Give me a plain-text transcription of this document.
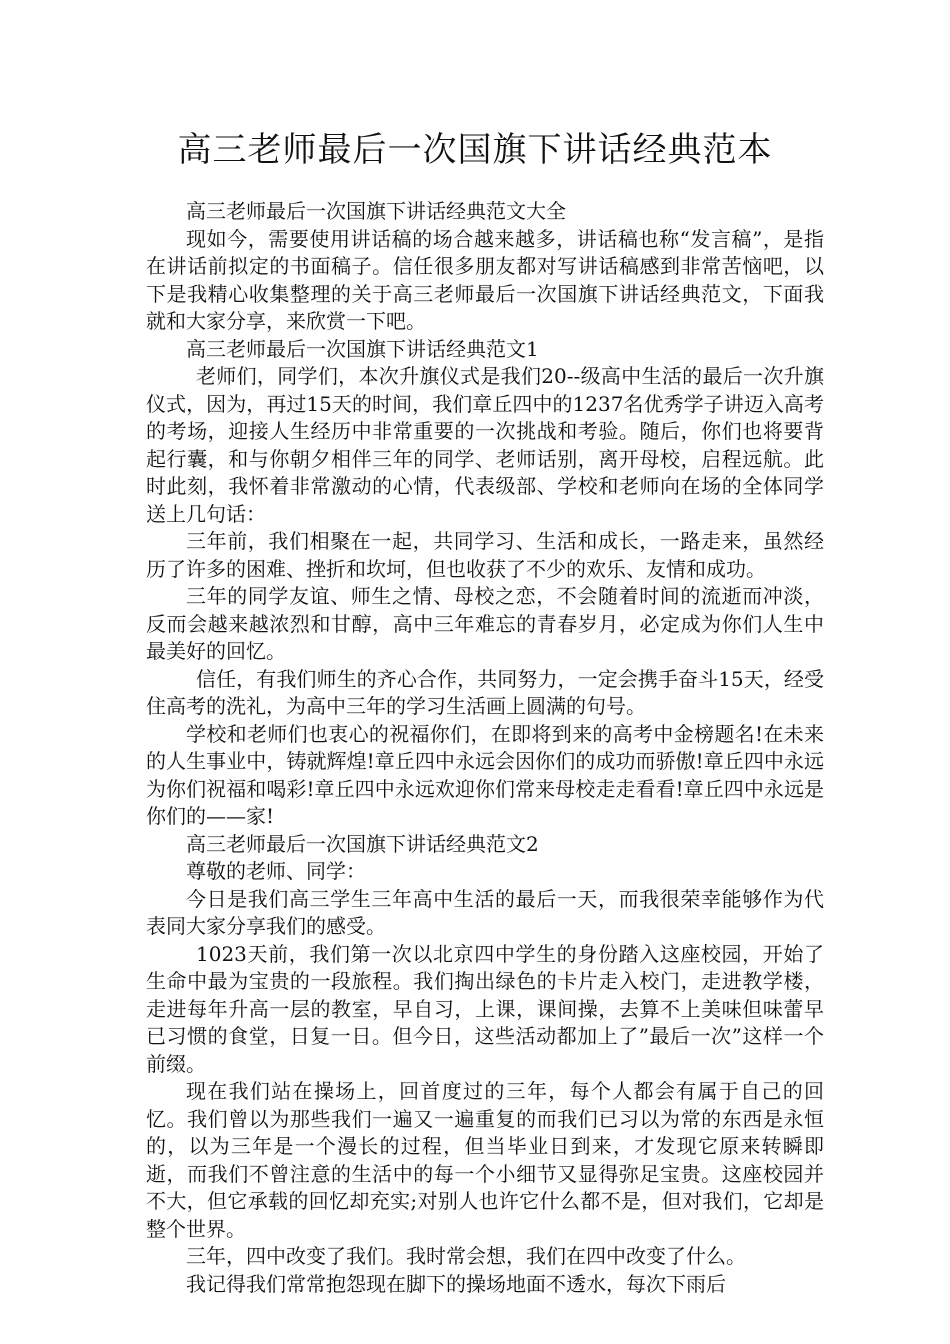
高三老师最后一次国旗下讲话经典范本

高三老师最后一次国旗下讲话经典范文大全

现如今，需要使用讲话稿的场合越来越多，讲话稿也称“发言稿”，是指在讲话前拟定的书面稿子。信任很多朋友都对写讲话稿感到非常苦恼吧，以下是我精心收集整理的关于高三老师最后一次国旗下讲话经典范文，下面我就和大家分享，来欣赏一下吧。

高三老师最后一次国旗下讲话经典范文1

老师们，同学们，本次升旗仪式是我们20--级高中生活的最后一次升旗仪式，因为，再过15天的时间，我们章丘四中的1237名优秀学子讲迈入高考的考场，迎接人生经历中非常重要的一次挑战和考验。随后，你们也将要背起行囊，和与你朝夕相伴三年的同学、老师话别，离开母校，启程远航。此时此刻，我怀着非常激动的心情，代表级部、学校和老师向在场的全体同学送上几句话：

三年前，我们相聚在一起，共同学习、生活和成长，一路走来，虽然经历了许多的困难、挫折和坎坷，但也收获了不少的欢乐、友情和成功。

三年的同学友谊、师生之情、母校之恋，不会随着时间的流逝而冲淡，反而会越来越浓烈和甘醇，高中三年难忘的青春岁月，必定成为你们人生中最美好的回忆。

信任，有我们师生的齐心合作，共同努力，一定会携手奋斗15天，经受住高考的洗礼，为高中三年的学习生活画上圆满的句号。

学校和老师们也衷心的祝福你们，在即将到来的高考中金榜题名!在未来的人生事业中，铸就辉煌!章丘四中永远会因你们的成功而骄傲!章丘四中永远为你们祝福和喝彩!章丘四中永远欢迎你们常来母校走走看看!章丘四中永远是你们的——家!

高三老师最后一次国旗下讲话经典范文2

尊敬的老师、同学：

今日是我们高三学生三年高中生活的最后一天，而我很荣幸能够作为代表同大家分享我们的感受。

1023天前，我们第一次以北京四中学生的身份踏入这座校园，开始了生命中最为宝贵的一段旅程。我们掏出绿色的卡片走入校门，走进教学楼，走进每年升高一层的教室，早自习，上课，课间操，去算不上美味但味蕾早已习惯的食堂，日复一日。但今日，这些活动都加上了”最后一次”这样一个前缀。

现在我们站在操场上，回首度过的三年，每个人都会有属于自己的回忆。我们曾以为那些我们一遍又一遍重复的而我们已习以为常的东西是永恒的，以为三年是一个漫长的过程，但当毕业日到来，才发现它原来转瞬即逝，而我们不曾注意的生活中的每一个小细节又显得弥足宝贵。这座校园并不大，但它承载的回忆却充实;对别人也许它什么都不是，但对我们，它却是整个世界。

三年，四中改变了我们。我时常会想，我们在四中改变了什么。

我记得我们常常抱怨现在脚下的操场地面不透水，每次下雨后
